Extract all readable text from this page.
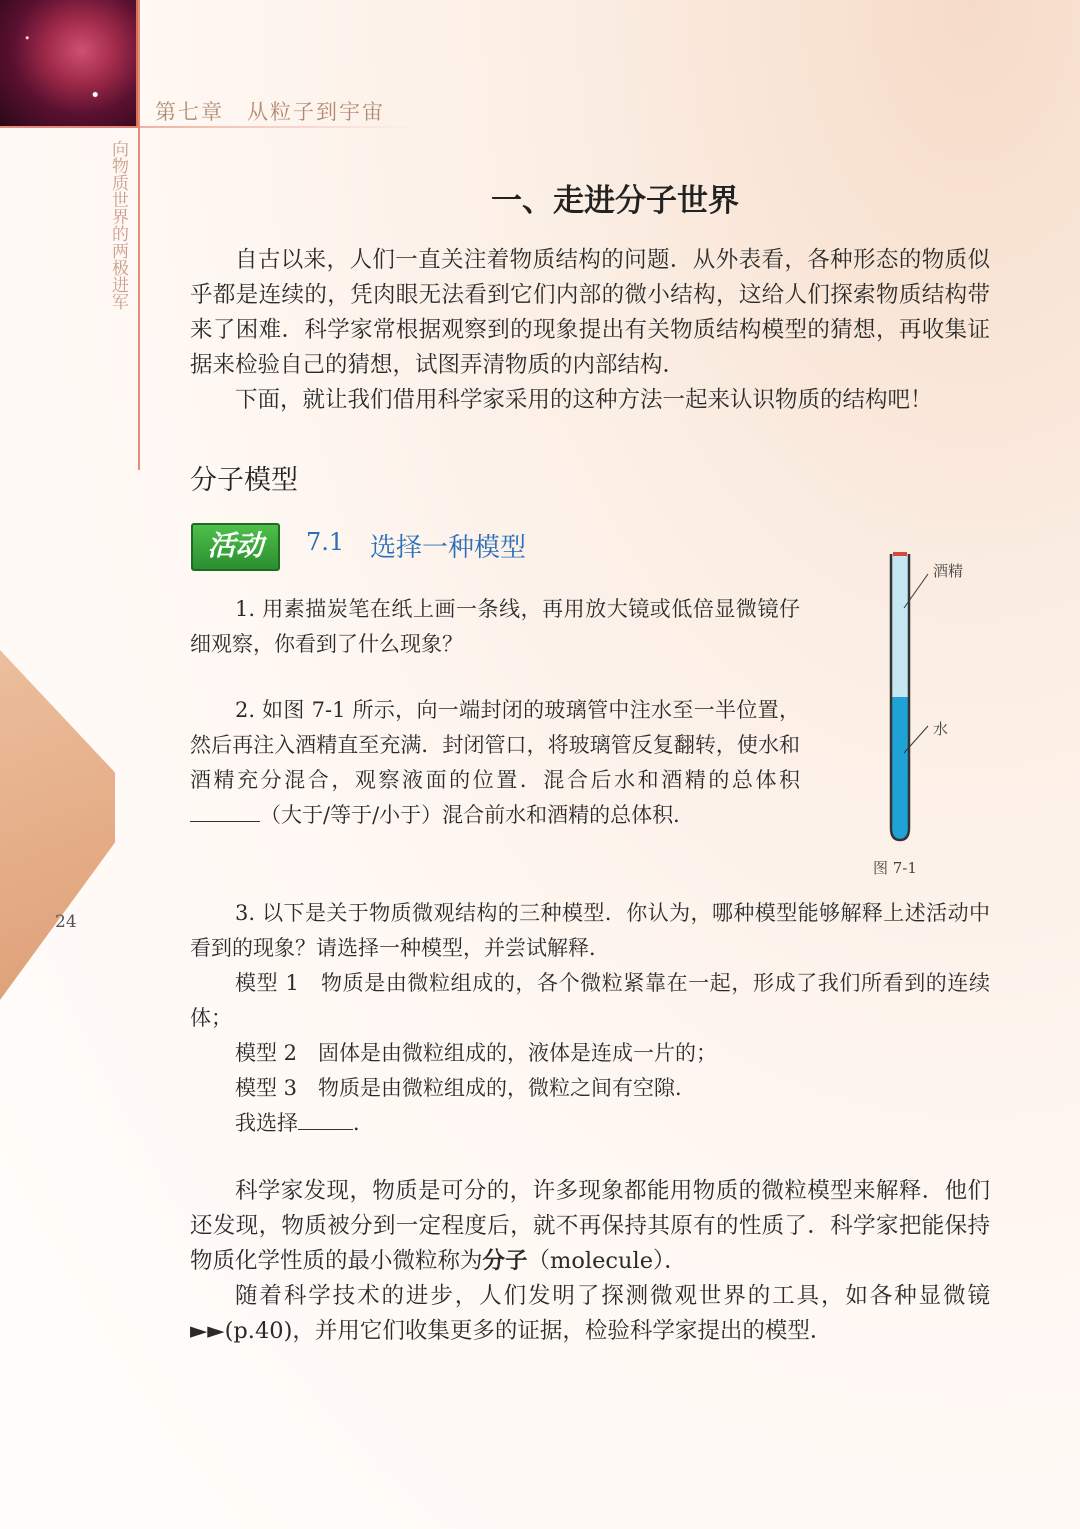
第七章　从粒子到宇宙
向物质世界的两极进军
24
一、走进分子世界

自古以来，人们一直关注着物质结构的问题．从外表看，各种形态的物质似乎都是连续的，凭肉眼无法看到它们内部的微小结构，这给人们探索物质结构带来了困难．科学家常根据观察到的现象提出有关物质结构模型的猜想，再收集证据来检验自己的猜想，试图弄清物质的内部结构．

下面，就让我们借用科学家采用的这种方法一起来认识物质的结构吧！

分子模型
活动	7.1 选择一种模型
酒精
水
图 7-1

1. 用素描炭笔在纸上画一条线，再用放大镜或低倍显微镜仔细观察，你看到了什么现象？

2. 如图 7-1 所示，向一端封闭的玻璃管中注水至一半位置，然后再注入酒精直至充满．封闭管口，将玻璃管反复翻转，使水和酒精充分混合，观察液面的位置．混合后水和酒精的总体积（大于/等于/小于）混合前水和酒精的总体积．

3. 以下是关于物质微观结构的三种模型．你认为，哪种模型能够解释上述活动中看到的现象？请选择一种模型，并尝试解释．

模型 1　物质是由微粒组成的，各个微粒紧靠在一起，形成了我们所看到的连续体；

模型 2　固体是由微粒组成的，液体是连成一片的；

模型 3　物质是由微粒组成的，微粒之间有空隙．

我选择	．

科学家发现，物质是可分的，许多现象都能用物质的微粒模型来解释．他们还发现，物质被分到一定程度后，就不再保持其原有的性质了．科学家把能保持物质化学性质的最小微粒称为分子（molecule）．

随着科学技术的进步，人们发明了探测微观世界的工具，如各种显微镜►►(p.40)，并用它们收集更多的证据，检验科学家提出的模型．
